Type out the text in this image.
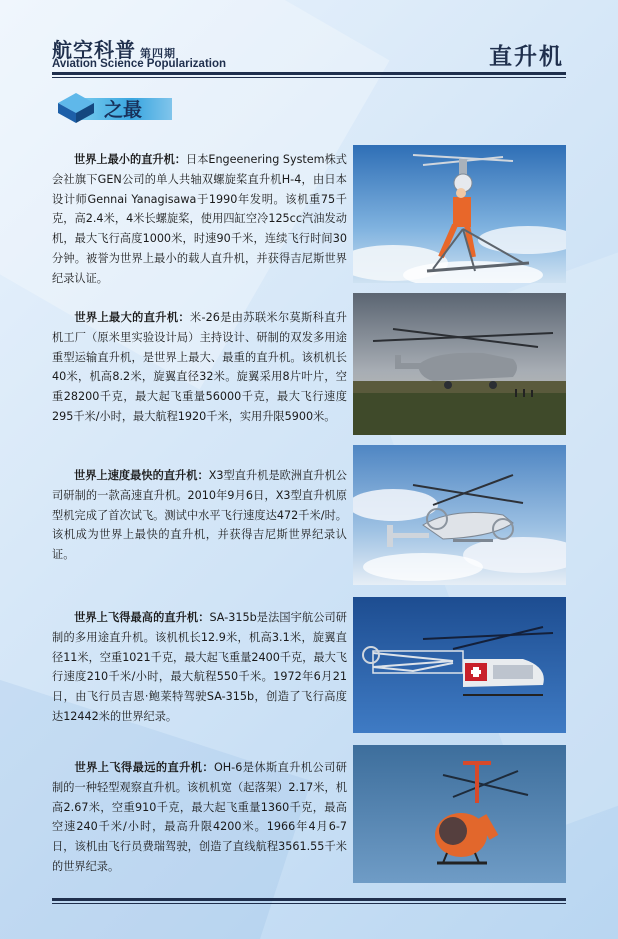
航空科普 第四期
Aviation Science Popularization	直升机
之最
世界上最小的直升机：日本Engeenering System株式会社旗下GEN公司的单人共轴双螺旋桨直升机H-4，由日本设计师Gennai Yanagisawa于1990年发明。该机重75千克，高2.4米，4米长螺旋桨，使用四缸空冷125cc汽油发动机，最大飞行高度1000米，时速90千米，连续飞行时间30分钟。被誉为世界上最小的载人直升机，并获得吉尼斯世界纪录认证。
世界上最大的直升机：米-26是由苏联米尔莫斯科直升机工厂（原米里实验设计局）主持设计、研制的双发多用途重型运输直升机，是世界上最大、最重的直升机。该机机长40米，机高8.2米，旋翼直径32米。旋翼采用8片叶片，空重28200千克，最大起飞重量56000千克，最大飞行速度295千米/小时，最大航程1920千米，实用升限5900米。
世界上速度最快的直升机：X3型直升机是欧洲直升机公司研制的一款高速直升机。2010年9月6日，X3型直升机原型机完成了首次试飞。测试中水平飞行速度达472千米/时。该机成为世界上最快的直升机，并获得吉尼斯世界纪录认证。
世界上飞得最高的直升机：SA-315b是法国宇航公司研制的多用途直升机。该机机长12.9米，机高3.1米，旋翼直径11米，空重1021千克，最大起飞重量2400千克，最大飞行速度210千米/小时，最大航程550千米。1972年6月21日，由飞行员吉恩·鲍莱特驾驶SA-315b，创造了飞行高度达12442米的世界纪录。
世界上飞得最远的直升机：OH-6是休斯直升机公司研制的一种轻型观察直升机。该机机宽（起落架）2.17米，机高2.67米，空重910千克，最大起飞重量1360千克，最高空速240千米/小时，最高升限4200米。1966年4月6-7日，该机由飞行员费瑞驾驶，创造了直线航程3561.55千米的世界纪录。
